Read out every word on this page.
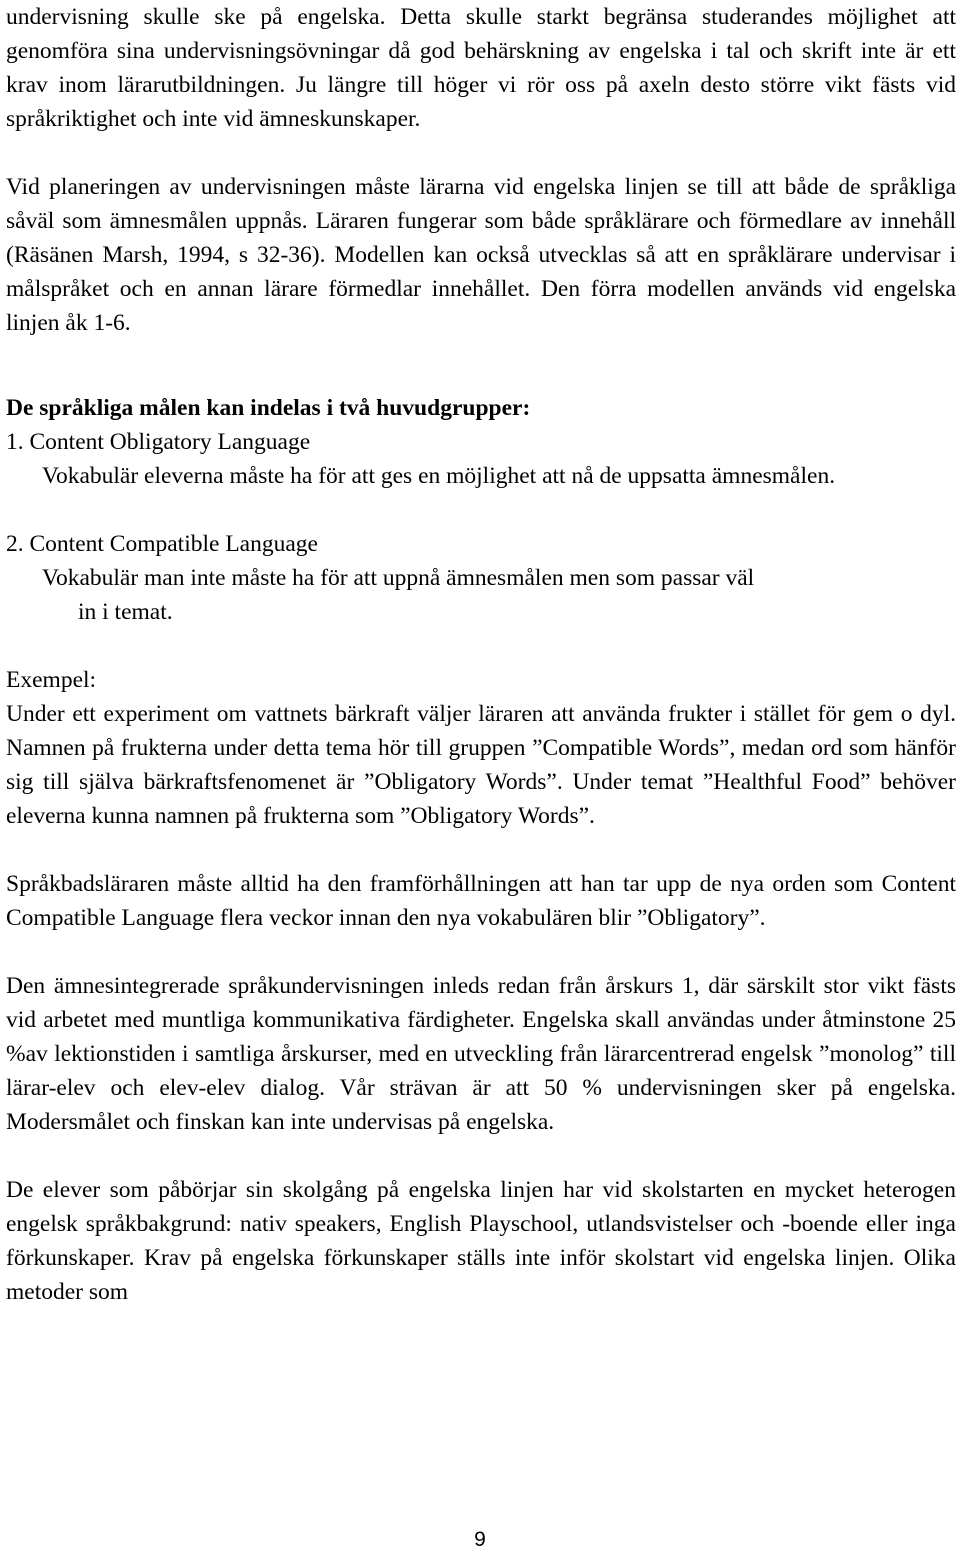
undervisning skulle ske på engelska. Detta skulle starkt begränsa studerandes möjlighet att genomföra sina undervisningsövningar då god behärskning av engelska i tal och skrift inte är ett krav inom lärarutbildningen. Ju längre till höger vi rör oss på axeln desto större vikt fästs vid språkriktighet och inte vid ämneskunskaper.

Vid planeringen av undervisningen måste lärarna vid engelska linjen se till att både de språkliga såväl som ämnesmålen uppnås. Läraren fungerar som både språklärare och förmedlare av innehåll (Räsänen Marsh, 1994, s 32-36). Modellen kan också utvecklas så att en språklärare undervisar i målspråket och en annan lärare förmedlar innehållet. Den förra modellen används vid engelska linjen åk 1-6.

De språkliga målen kan indelas i två huvudgrupper:

1. Content Obligatory Language

Vokabulär eleverna måste ha för att ges en möjlighet att nå de uppsatta ämnesmålen.

2. Content Compatible Language

Vokabulär man inte måste ha för att uppnå ämnesmålen men som passar väl

in i temat.

Exempel:

Under ett experiment om vattnets bärkraft väljer läraren att använda frukter i stället för gem o dyl. Namnen på frukterna under detta tema hör till gruppen ”Compatible Words”, medan ord som hänför sig till själva bärkraftsfenomenet är ”Obligatory Words”. Under temat ”Healthful Food” behöver eleverna kunna namnen på frukterna som ”Obligatory Words”.

Språkbadsläraren måste alltid ha den framförhållningen att han tar upp de nya orden som Content Compatible Language flera veckor innan den nya vokabulären blir ”Obligatory”.

Den ämnesintegrerade språkundervisningen inleds redan från årskurs 1, där särskilt stor vikt fästs vid arbetet med muntliga kommunikativa färdigheter. Engelska skall användas under åtminstone 25 %av lektionstiden i samtliga årskurser, med en utveckling från lärarcentrerad engelsk ”monolog” till lärar-elev och elev-elev dialog. Vår strävan är att 50 % undervisningen sker på engelska. Modersmålet och finskan kan inte undervisas på engelska.

De elever som påbörjar sin skolgång på engelska linjen har vid skolstarten en mycket heterogen engelsk språkbakgrund: nativ speakers, English Playschool, utlandsvistelser och -boende eller inga förkunskaper. Krav på engelska förkunskaper ställs inte inför skolstart vid engelska linjen. Olika metoder som

9
